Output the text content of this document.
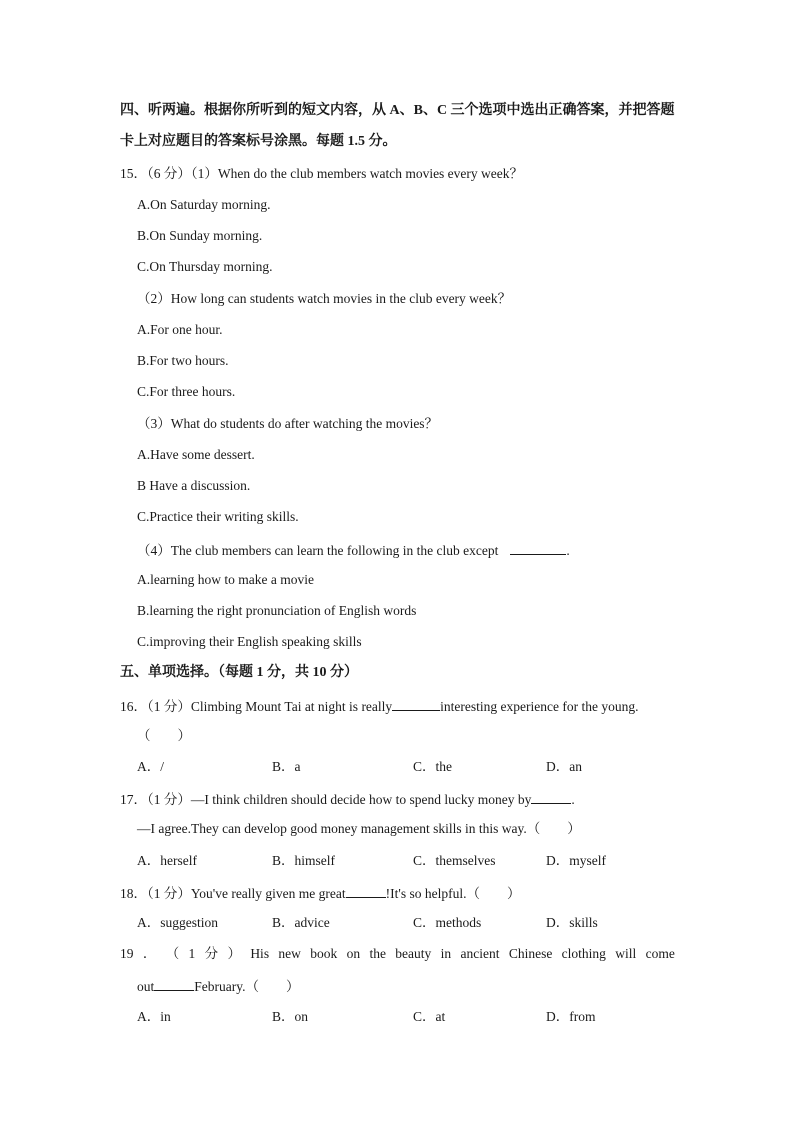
四、听两遍。根据你所听到的短文内容，从 A、B、C 三个选项中选出正确答案，并把答题
卡上对应题目的答案标号涂黑。每题 1.5 分。
15．（6 分）（1）When do the club members watch movies every week？
A.On Saturday morning.
B.On Sunday morning.
C.On Thursday morning.
（2）How long can students watch movies in the club every week？
A.For one hour.
B.For two hours.
C.For three hours.
（3）What do students do after watching the movies？
A.Have some dessert.
B Have a discussion.
C.Practice their writing skills.
（4）The club members can learn the following in the club except	.
A.learning how to make a movie
B.learning the right pronunciation of English words
C.improving their English speaking skills
五、单项选择。（每题 1 分，共 10 分）
16．（1 分）Climbing Mount Tai at night is really	interesting experience for the young.
（　　）
A．/	B．a	C．the	D．an
17．（1 分）—I think children should decide how to spend lucky money by	.
—I agree.They can develop good money management skills in this way.（　　）
A．herself	B．himself	C．themselves	D．myself
18．（1 分）You've really given me great	!It's so helpful.（　　）
A．suggestion	B．advice	C．methods	D．skills
19 ． （ 1 分 ） His new book on the beauty in ancient Chinese clothing will come
out	February.（　　）
A．in	B．on	C．at	D．from
